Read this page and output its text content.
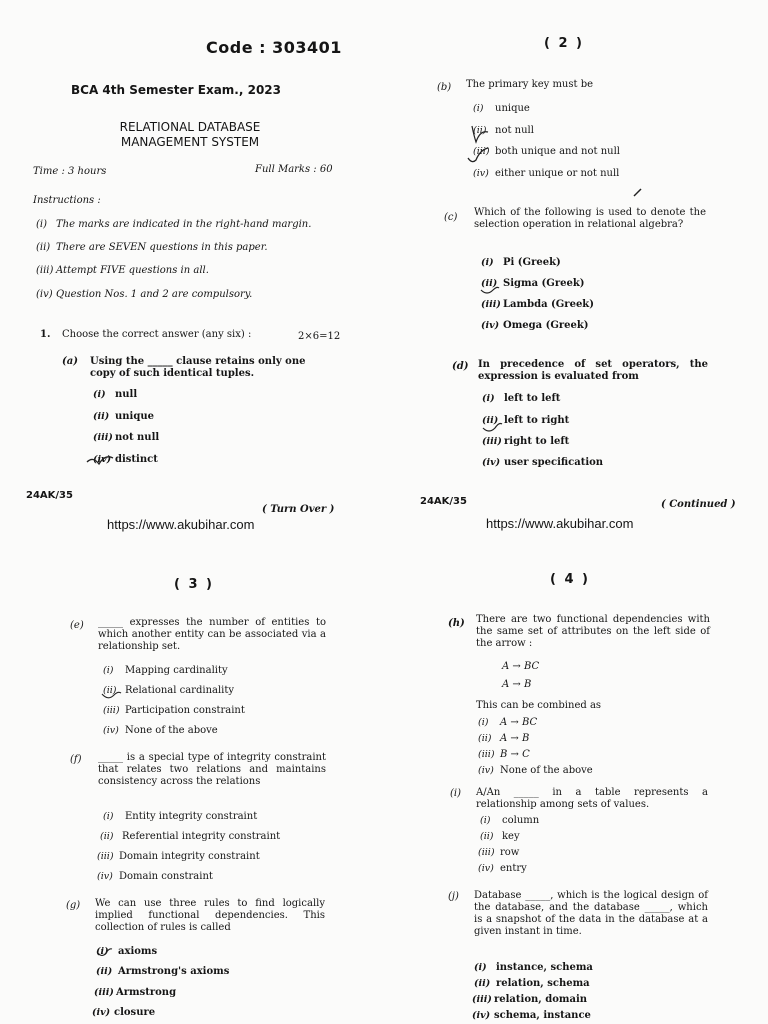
Code : 303401
BCA 4th Semester Exam., 2023
RELATIONAL DATABASE
MANAGEMENT SYSTEM
Time : 3 hours	Full Marks : 60
Instructions :
(i) The marks are indicated in the right-hand margin.
(ii) There are SEVEN questions in this paper.
(iii) Attempt FIVE questions in all.
(iv) Question Nos. 1 and 2 are compulsory.
1. Choose the correct answer (any six) :	2×6=12
(a) Using the _____ clause retains only one copy of such identical tuples.
(i) null
(ii) unique
(iii) not null
(iv) distinct
24AK/35
( Turn Over )
https://www.akubihar.com
( 2 )
(b) The primary key must be
(i) unique
(ii) not null
(iii) both unique and not null
(iv) either unique or not null
(c) Which of the following is used to denote the selection operation in relational algebra?
(i) Pi (Greek)
(ii) Sigma (Greek)
(iii) Lambda (Greek)
(iv) Omega (Greek)
(d) In precedence of set operators, the expression is evaluated from
(i) left to left
(ii) left to right
(iii) right to left
(iv) user specification
24AK/35	( Continued )
https://www.akubihar.com
( 3 )
(e) _____ expresses the number of entities to which another entity can be associated via a relationship set.
(i) Mapping cardinality
(ii) Relational cardinality
(iii) Participation constraint
(iv) None of the above
(f) _____ is a special type of integrity constraint that relates two relations and maintains consistency across the relations
(i) Entity integrity constraint
(ii) Referential integrity constraint
(iii) Domain integrity constraint
(iv) Domain constraint
(g) We can use three rules to find logically implied functional dependencies. This collection of rules is called
(i) axioms
(ii) Armstrong's axioms
(iii) Armstrong
(iv) closure
( 4 )
(h) There are two functional dependencies with the same set of attributes on the left side of the arrow :
A → BC
A → B
This can be combined as
(i) A → BC
(ii) A → B
(iii) B → C
(iv) None of the above
(i) A/An _____ in a table represents a relationship among sets of values.
(i) column
(ii) key
(iii) row
(iv) entry
(j) Database _____, which is the logical design of the database, and the database _____, which is a snapshot of the data in the database at a given instant in time.
(i) instance, schema
(ii) relation, schema
(iii) relation, domain
(iv) schema, instance
